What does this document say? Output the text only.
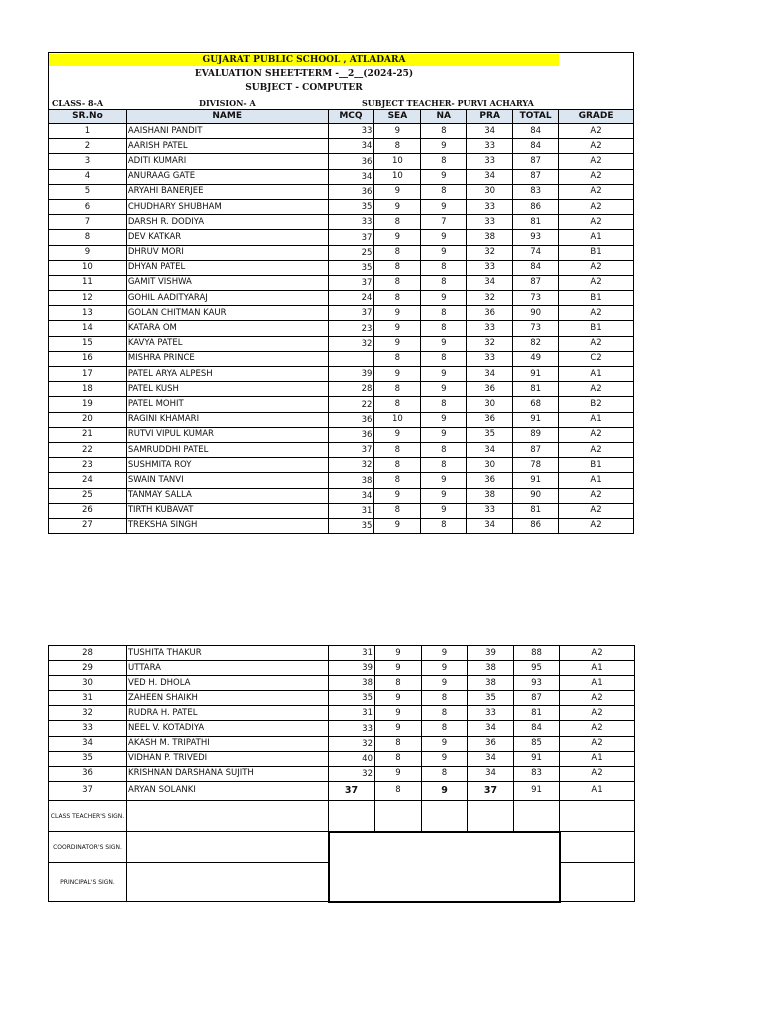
GUJARAT PUBLIC SCHOOL , ATLADARA
EVALUATION SHEET-TERM -__2__(2024-25)
SUBJECT - COMPUTER
CLASS- 8-A	DIVISION- A	SUBJECT TEACHER- PURVI ACHARYA
SR.No	NAME	MCQ	SEA	NA	PRA	TOTAL	GRADE
1	AAISHANI PANDIT	33	9	8	34	84	A2
2	AARISH PATEL	34	8	9	33	84	A2
3	ADITI KUMARI	36	10	8	33	87	A2
4	ANURAAG GATE	34	10	9	34	87	A2
5	ARYAHI BANERJEE	36	9	8	30	83	A2
6	CHUDHARY SHUBHAM	35	9	9	33	86	A2
7	DARSH R. DODIYA	33	8	7	33	81	A2
8	DEV KATKAR	37	9	9	38	93	A1
9	DHRUV MORI	25	8	9	32	74	B1
10	DHYAN PATEL	35	8	8	33	84	A2
11	GAMIT VISHWA	37	8	8	34	87	A2
12	GOHIL AADITYARAJ	24	8	9	32	73	B1
13	GOLAN CHITMAN KAUR	37	9	8	36	90	A2
14	KATARA OM	23	9	8	33	73	B1
15	KAVYA PATEL	32	9	9	32	82	A2
16	MISHRA PRINCE		8	8	33	49	C2
17	PATEL ARYA ALPESH	39	9	9	34	91	A1
18	PATEL KUSH	28	8	9	36	81	A2
19	PATEL MOHIT	22	8	8	30	68	B2
20	RAGINI KHAMARI	36	10	9	36	91	A1
21	RUTVI VIPUL KUMAR	36	9	9	35	89	A2
22	SAMRUDDHI PATEL	37	8	8	34	87	A2
23	SUSHMITA ROY	32	8	8	30	78	B1
24	SWAIN TANVI	38	8	9	36	91	A1
25	TANMAY SALLA	34	9	9	38	90	A2
26	TIRTH KUBAVAT	31	8	9	33	81	A2
27	TREKSHA SINGH	35	9	8	34	86	A2
28	TUSHITA THAKUR	31	9	9	39	88	A2
29	UTTARA	39	9	9	38	95	A1
30	VED H. DHOLA	38	8	9	38	93	A1
31	ZAHEEN SHAIKH	35	9	8	35	87	A2
32	RUDRA H. PATEL	31	9	8	33	81	A2
33	NEEL V. KOTADIYA	33	9	8	34	84	A2
34	AKASH M. TRIPATHI	32	8	9	36	85	A2
35	VIDHAN P. TRIVEDI	40	8	9	34	91	A1
36	KRISHNAN DARSHANA SUJITH	32	9	8	34	83	A2
37	ARYAN SOLANKI	37	8	9	37	91	A1
CLASS TEACHER'S SIGN.							
COORDINATOR'S SIGN.							
PRINCIPAL'S SIGN.							
